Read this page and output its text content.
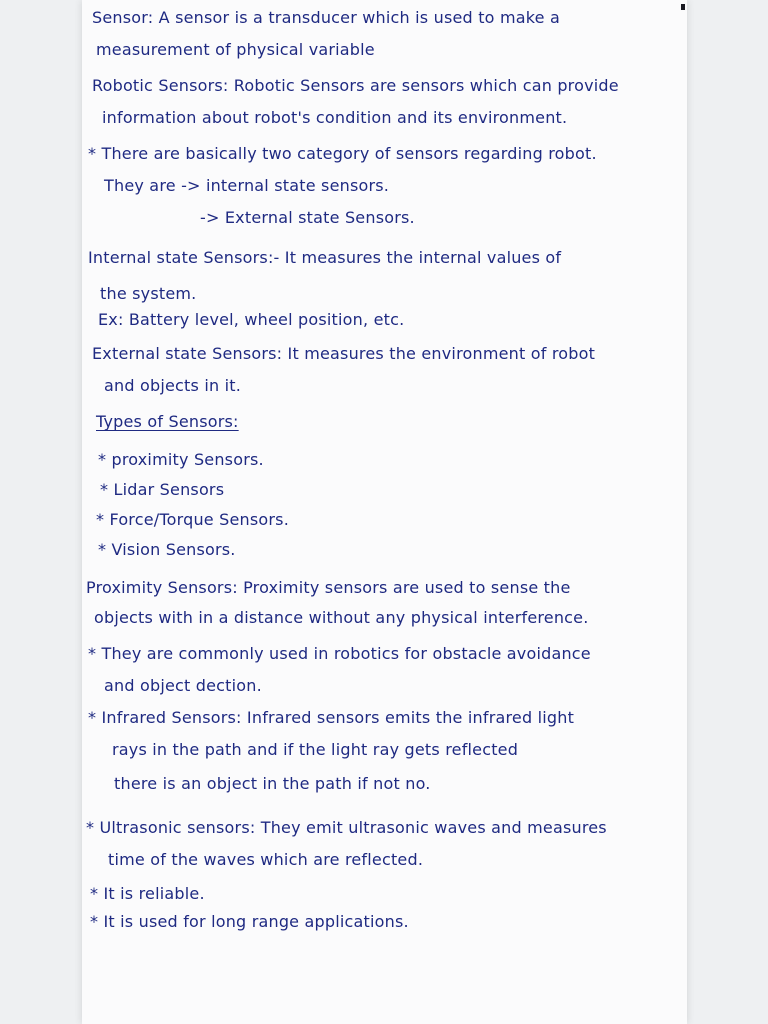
Sensor: A sensor is a transducer which is used to make a

measurement of physical variable

Robotic Sensors: Robotic Sensors are sensors which can provide

information about robot's condition and its environment.

* There are basically two category of sensors regarding robot.

They are -> internal state sensors.

-> External state Sensors.

Internal state Sensors:- It measures the internal values of

the system.

Ex: Battery level, wheel position, etc.

External state Sensors: It measures the environment of robot

and objects in it.

Types of Sensors:

* proximity Sensors.

* Lidar Sensors

* Force/Torque Sensors.

* Vision Sensors.

Proximity Sensors: Proximity sensors are used to sense the

objects with in a distance without any physical interference.

* They are commonly used in robotics for obstacle avoidance

and object dection.

* Infrared Sensors: Infrared sensors emits the infrared light

rays in the path and if the light ray gets reflected

there is an object in the path if not no.

* Ultrasonic sensors: They emit ultrasonic waves and measures

time of the waves which are reflected.

* It is reliable.

* It is used for long range applications.
